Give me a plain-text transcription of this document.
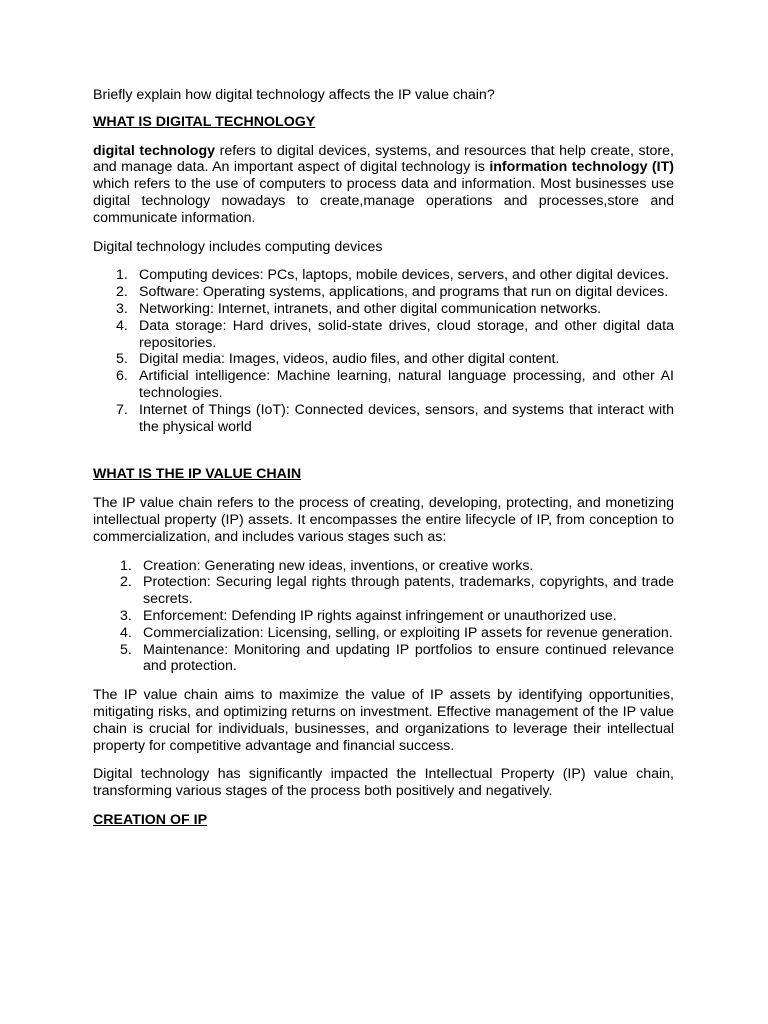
Briefly explain how digital technology affects the IP value chain?

WHAT IS DIGITAL TECHNOLOGY

digital technology refers to digital devices, systems, and resources that help create, store, and manage data. An important aspect of digital technology is information technology (IT) which refers to the use of computers to process data and information. Most businesses use digital technology nowadays to create,manage operations and processes,store and communicate information.

Digital technology includes computing devices

1. Computing devices: PCs, laptops, mobile devices, servers, and other digital devices.
2. Software: Operating systems, applications, and programs that run on digital devices.
3. Networking: Internet, intranets, and other digital communication networks.
4. Data storage: Hard drives, solid-state drives, cloud storage, and other digital data repositories.
5. Digital media: Images, videos, audio files, and other digital content.
6. Artificial intelligence: Machine learning, natural language processing, and other AI technologies.
7. Internet of Things (IoT): Connected devices, sensors, and systems that interact with the physical world

WHAT IS THE IP VALUE CHAIN

The IP value chain refers to the process of creating, developing, protecting, and monetizing intellectual property (IP) assets. It encompasses the entire lifecycle of IP, from conception to commercialization, and includes various stages such as:

1. Creation: Generating new ideas, inventions, or creative works.
2. Protection: Securing legal rights through patents, trademarks, copyrights, and trade secrets.
3. Enforcement: Defending IP rights against infringement or unauthorized use.
4. Commercialization: Licensing, selling, or exploiting IP assets for revenue generation.
5. Maintenance: Monitoring and updating IP portfolios to ensure continued relevance and protection.

The IP value chain aims to maximize the value of IP assets by identifying opportunities, mitigating risks, and optimizing returns on investment. Effective management of the IP value chain is crucial for individuals, businesses, and organizations to leverage their intellectual property for competitive advantage and financial success.

Digital technology has significantly impacted the Intellectual Property (IP) value chain, transforming various stages of the process both positively and negatively.

CREATION OF IP
